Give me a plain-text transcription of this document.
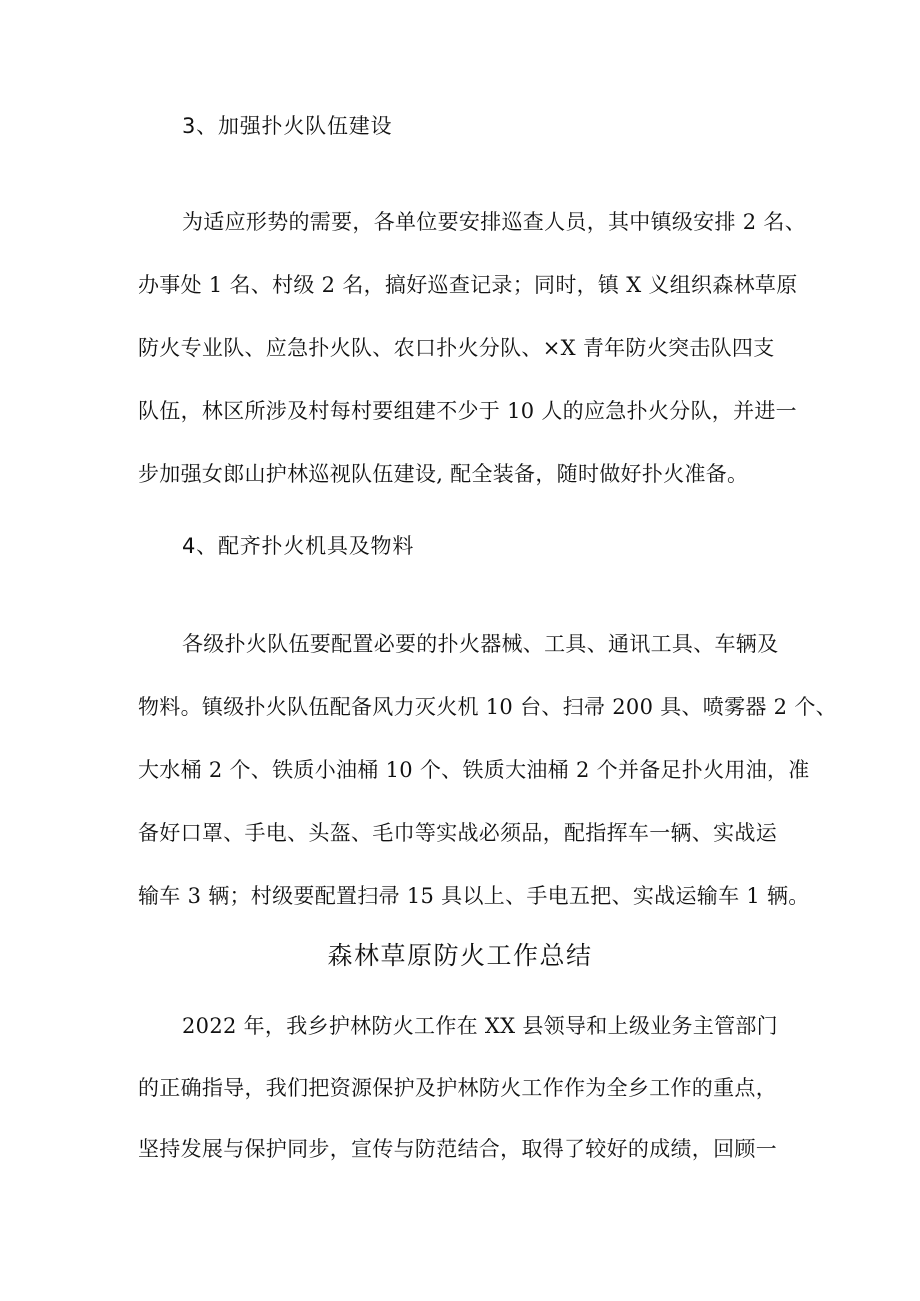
3、加强扑火队伍建设
为适应形势的需要，各单位要安排巡查人员，其中镇级安排 2 名、
办事处 1 名、村级 2 名，搞好巡查记录；同时，镇 X 义组织森林草原
防火专业队、应急扑火队、农口扑火分队、×X 青年防火突击队四支
队伍，林区所涉及村每村要组建不少于 10 人的应急扑火分队，并进一
步加强女郎山护林巡视队伍建设, 配全装备，随时做好扑火准备。
4、配齐扑火机具及物料
各级扑火队伍要配置必要的扑火器械、工具、通讯工具、车辆及
物料。镇级扑火队伍配备风力灭火机 10 台、扫帚 200 具、喷雾器 2 个、
大水桶 2 个、铁质小油桶 10 个、铁质大油桶 2 个并备足扑火用油，准
备好口罩、手电、头盔、毛巾等实战必须品，配指挥车一辆、实战运
输车 3 辆；村级要配置扫帚 15 具以上、手电五把、实战运输车 1 辆。
森林草原防火工作总结
2022 年，我乡护林防火工作在 XX 县领导和上级业务主管部门
的正确指导，我们把资源保护及护林防火工作作为全乡工作的重点，
坚持发展与保护同步，宣传与防范结合，取得了较好的成绩，回顾一
